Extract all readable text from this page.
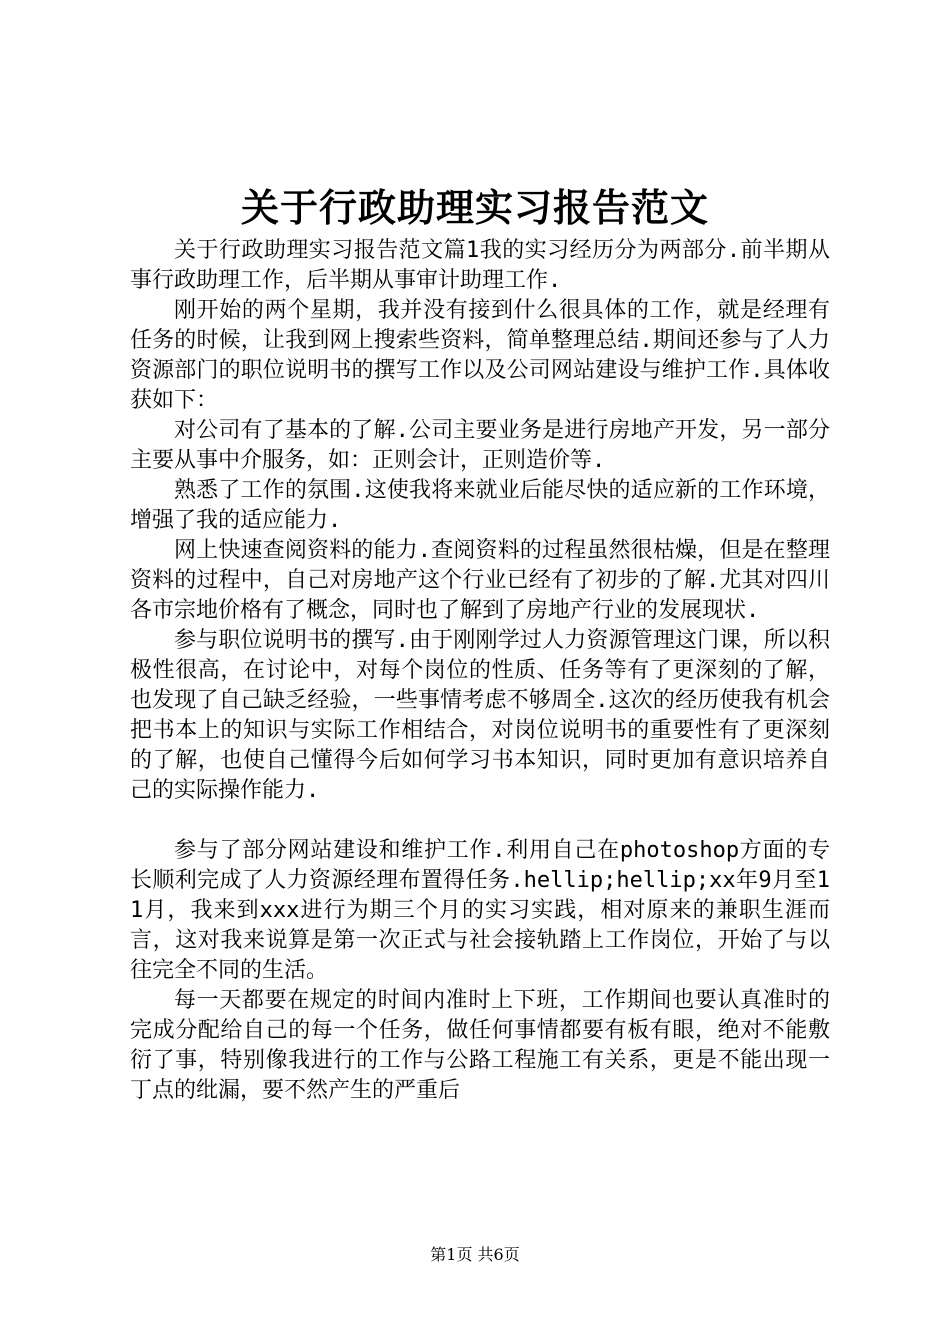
关于行政助理实习报告范文

关于行政助理实习报告范文篇1我的实习经历分为两部分.前半期从事行政助理工作，后半期从事审计助理工作.

刚开始的两个星期，我并没有接到什么很具体的工作，就是经理有任务的时候，让我到网上搜索些资料，简单整理总结.期间还参与了人力资源部门的职位说明书的撰写工作以及公司网站建设与维护工作.具体收获如下：

对公司有了基本的了解.公司主要业务是进行房地产开发，另一部分主要从事中介服务，如：正则会计，正则造价等.

熟悉了工作的氛围.这使我将来就业后能尽快的适应新的工作环境，增强了我的适应能力.

网上快速查阅资料的能力.查阅资料的过程虽然很枯燥，但是在整理资料的过程中，自己对房地产这个行业已经有了初步的了解.尤其对四川各市宗地价格有了概念，同时也了解到了房地产行业的发展现状.

参与职位说明书的撰写.由于刚刚学过人力资源管理这门课，所以积极性很高，在讨论中，对每个岗位的性质、任务等有了更深刻的了解，也发现了自己缺乏经验，一些事情考虑不够周全.这次的经历使我有机会把书本上的知识与实际工作相结合，对岗位说明书的重要性有了更深刻的了解，也使自己懂得今后如何学习书本知识，同时更加有意识培养自己的实际操作能力.

参与了部分网站建设和维护工作.利用自己在photoshop方面的专长顺利完成了人力资源经理布置得任务.hellip;hellip;xx年9月至11月，我来到xxx进行为期三个月的实习实践，相对原来的兼职生涯而言，这对我来说算是第一次正式与社会接轨踏上工作岗位，开始了与以往完全不同的生活。

每一天都要在规定的时间内准时上下班，工作期间也要认真准时的完成分配给自己的每一个任务，做任何事情都要有板有眼，绝对不能敷衍了事，特别像我进行的工作与公路工程施工有关系，更是不能出现一丁点的纰漏，要不然产生的严重后

第1页 共6页
